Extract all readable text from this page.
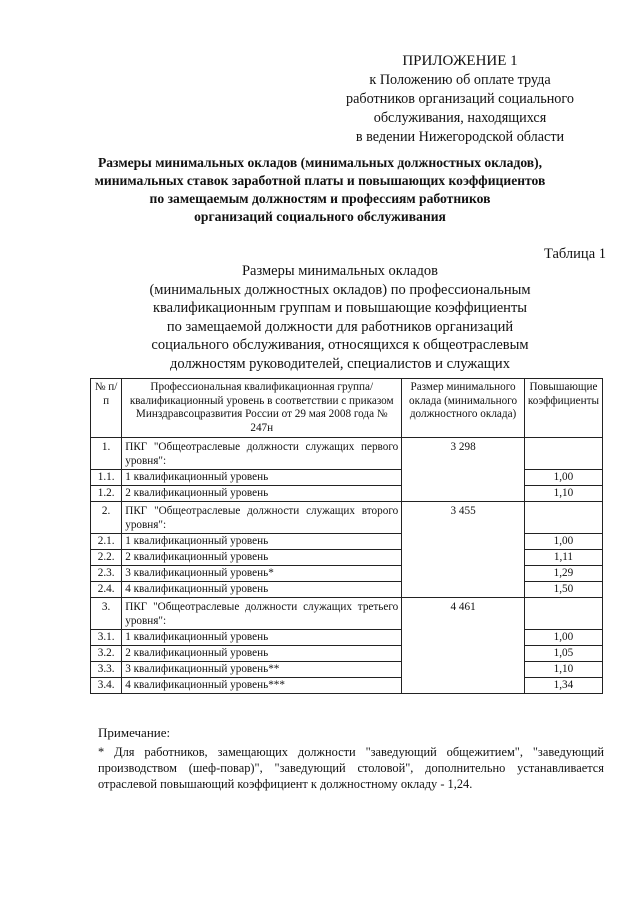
ПРИЛОЖЕНИЕ 1
к Положению об оплате труда
работников организаций социального
обслуживания, находящихся
в ведении Нижегородской области
Размеры минимальных окладов (минимальных должностных окладов),
минимальных ставок заработной платы и повышающих коэффициентов
по замещаемым должностям и профессиям работников
организаций социального обслуживания
Таблица 1
Размеры минимальных окладов
(минимальных должностных окладов) по профессиональным
квалификационным группам и повышающие коэффициенты
по замещаемой должности для работников организаций
социального обслуживания, относящихся к общеотраслевым
должностям руководителей, специалистов и служащих
№ п/п	Профессиональная квалификационная группа/квалификационный уровень в соответствии с приказом Минздравсоцразвития России от 29 мая 2008 года № 247н	Размер минимального оклада (минимального должностного оклада)	Повышающие коэффициенты
1.	ПКГ "Общеотраслевые должности служащих первого уровня":	3 298	
1.1.	1 квалификационный уровень		1,00
1.2.	2 квалификационный уровень		1,10
2.	ПКГ "Общеотраслевые должности служащих второго уровня":	3 455	
2.1.	1 квалификационный уровень		1,00
2.2.	2 квалификационный уровень		1,11
2.3.	3 квалификационный уровень*		1,29
2.4.	4 квалификационный уровень		1,50
3.	ПКГ "Общеотраслевые должности служащих третьего уровня":	4 461	
3.1.	1 квалификационный уровень		1,00
3.2.	2 квалификационный уровень		1,05
3.3.	3 квалификационный уровень**		1,10
3.4.	4 квалификационный уровень***		1,34
Примечание:
* Для работников, замещающих должности "заведующий общежитием", "заведующий производством (шеф-повар)", "заведующий столовой", дополнительно устанавливается отраслевой повышающий коэффициент к должностному окладу - 1,24.
